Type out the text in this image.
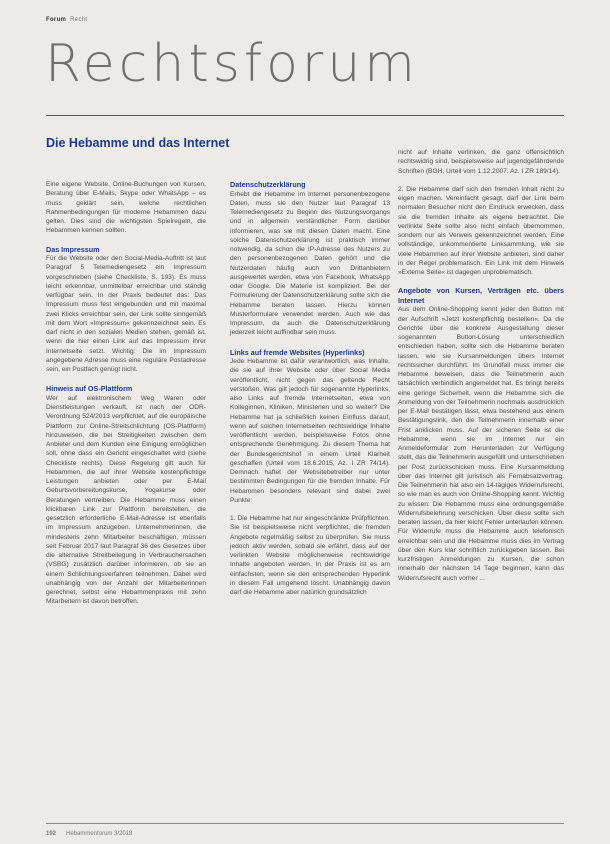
Forum Recht
Rechtsforum
Die Hebamme und das Internet

Eine eigene Website, Online-Buchungen von Kursen, Beratung über E-Mails, Skype oder WhatsApp – es muss geklärt sein, welche rechtlichen Rahmenbedingungen für moderne Hebammen dazu gelten. Dies sind die wichtigsten Spielregeln, die Hebammen kennen sollten.

Das Impressum

Für die Website oder den Social-Media-Auftritt ist laut Paragraf 5 Telemediengesetz ein Impressum vorgeschrieben (siehe Checkliste, S. 193). Es muss leicht erkennbar, unmittelbar erreichbar und ständig verfügbar sein. In der Praxis bedeutet das: Das Impressum muss fest eingebunden und mit maximal zwei Klicks erreichbar sein, der Link sollte sinngemäß mit dem Wort »Impressum« gekennzeichnet sein. Es darf nicht in den sozialen Medien stehen, gemäß ist, wenn die hier einen Link auf das Impressum ihrer Internetseite setzt. Wichtig: Die im Impressum angegebene Adresse muss eine reguläre Postadresse sein, ein Postfach genügt nicht.

Hinweis auf OS-Plattform

Wer auf elektronischem Weg Waren oder Dienstleistungen verkauft, ist nach der ODR-Verordnung 524/2013 verpflichtet, auf die europäische Plattform zur Online-Streitschlichtung (OS-Plattform) hinzuweisen, die bei Streitigkeiten zwischen dem Anbieter und dem Kunden eine Einigung ermöglichen soll, ohne dass ein Gericht eingeschaltet wird (siehe Checkliste rechts). Diese Regelung gilt auch für Hebammen, die auf ihrer Website kostenpflichtige Leistungen anbieten oder per E-Mail Geburtsvorbereitungskurse, Yogakurse oder Beratungen vertreiben. Die Hebamme muss einen klickbaren Link zur Plattform bereitstellen, die gesetzlich erforderliche E-Mail-Adresse ist ebenfalls im Impressum anzugeben. Unternehmerinnen, die mindestens zehn Mitarbeiter beschäftigen, müssen seit Februar 2017 laut Paragraf 36 des Gesetzes über die alternative Streitbeilegung in Verbrauchersachen (VSBG) zusätzlich darüber informieren, ob sie an einem Schlichtungsverfahren teilnehmen. Dabei wird unabhängig von der Anzahl der Mitarbeiterinnen gerechnet, selbst eine Hebammenpraxis mit zehn Mitarbeitern ist davon betroffen.

Datenschutzerklärung

Erhebt die Hebamme im Internet personenbezogene Daten, muss sie den Nutzer laut Paragraf 13 Telemediengesetz zu Beginn des Nutzungsvorgangs und in allgemein verständlicher Form darüber informieren, was sie mit diesen Daten macht. Eine solche Datenschutzerklärung ist praktisch immer notwendig, da schon die IP-Adresse des Nutzers zu den personenbezogenen Daten gehört und die Nutzerdaten häufig auch von Drittanbietern ausgewertet werden, etwa von Facebook, WhatsApp oder Google. Die Materie ist kompliziert. Bei der Formulierung der Datenschutzerklärung sollte sich die Hebamme beraten lassen. Hierzu können Musterformulare verwendet werden. Auch wie das Impressum, da auch die Datenschutzerklärung jederzeit leicht auffindbar sein muss.

Links auf fremde Websites (Hyperlinks)

Jede Hebamme ist dafür verantwortlich, was Inhalte, die sie auf ihrer Website oder über Social Media veröffentlicht, nicht gegen das geltende Recht verstoßen. Was gilt jedoch für sogenannte Hyperlinks, also Links auf fremde Internetseiten, etwa von Kolleginnen, Kliniken, Ministerien und so weiter? Die Hebamme hat ja schließlich keinen Einfluss darauf, wenn auf solchen Internetseiten rechtswidrige Inhalte veröffentlicht werden, beispielsweise Fotos ohne entsprechende Genehmigung. Zu diesem Thema hat der Bundesgerichtshof in einem Urteil Klarheit geschaffen (Urteil vom 18.6.2015, Az. I ZR 74/14). Demnach haftet der Websitebetreiber nur unter bestimmten Bedingungen für die fremden Inhalte. Für Hebammen besonders relevant sind dabei zwei Punkte:

1. Die Hebamme hat nur eingeschränkte Prüfpflichten. Sie ist beispielsweise nicht verpflichtet, die fremden Angebote regelmäßig selbst zu überprüfen. Sie muss jedoch aktiv werden, sobald sie erfährt, dass auf der verlinkten Website möglicherweise rechtswidrige Inhalte angeboten werden. In der Praxis ist es am einfachsten, wenn sie den entsprechenden Hyperlink in diesem Fall umgehend löscht. Unabhängig davon darf die Hebamme aber natürlich grundsätzlich

nicht auf Inhalte verlinken, die ganz offensichtlich rechtswidrig sind, beispielsweise auf jugendgefährdende Schriften (BGH, Urteil vom 1.12.2007, Az. I ZR 189/14).

2. Die Hebamme darf sich den fremden Inhalt nicht zu eigen machen. Vereinfacht gesagt, darf der Link beim normalen Besucher nicht den Eindruck erwecken, dass sie die fremden Inhalte als eigene betrachtet. Die verlinkte Seite sollte also nicht einfach übernommen, sondern nur als Verweis gekennzeichnet werden. Eine vollständige, unkommentierte Linksammlung, wie sie viele Hebammen auf ihrer Website anbieten, sind daher in der Regel problematisch. Ein Link mit dem Hinweis »Externe Seite« ist dagegen unproblematisch.

Angebote von Kursen, Verträgen etc. übers Internet

Aus dem Online-Shopping kennt jeder den Button mit der Aufschrift »Jetzt kostenpflichtig bestellen«. Da die Gerichte über die konkrete Ausgestaltung dieser sogenannten Button-Lösung unterschiedlich entschieden haben, sollte sich die Hebamme beraten lassen, wie sie Kursanmeldungen übers Internet rechtssicher durchführt. Im Grundfall muss immer die Hebamme beweisen, dass die Teilnehmerin auch tatsächlich verbindlich angemeldet hat. Es bringt bereits eine geringe Sicherheit, wenn die Hebamme sich die Anmeldung von der Teilnehmerin nochmals ausdrücklich per E-Mail bestätigen lässt, etwa bestehend aus einem Bestätigungslink, den die Teilnehmerin innerhalb einer Frist anklicken muss. Auf der sicheren Seite ist die Hebamme, wenn sie im Internet nur ein Anmeldeformular zum Herunterladen zur Verfügung stellt, das die Teilnehmerin ausgefüllt und unterschrieben per Post zurückschicken muss. Eine Kursanmeldung über das Internet gilt juristisch als Fernabsatzvertrag. Die Teilnehmerin hat also ein 14-tägiges Widerrufsrecht, so wie man es auch von Online-Shopping kennt. Wichtig zu wissen: Die Hebamme muss eine ordnungsgemäße Widerrufsbelehrung verschicken. Über diese sollte sich beraten lassen, da hier leicht Fehler unterlaufen können. Für Widerrufe muss die Hebamme auch telefonisch erreichbar sein und die Hebamme muss dies im Vertrag über den Kurs klar schriftlich zurückgeben lassen. Bei kurzfristigen Anmeldungen zu Kursen, die schon innerhalb der nächsten 14 Tage beginnen, kann das Widerrufsrecht auch vorher ...

192 Hebammenforum 3/2018
